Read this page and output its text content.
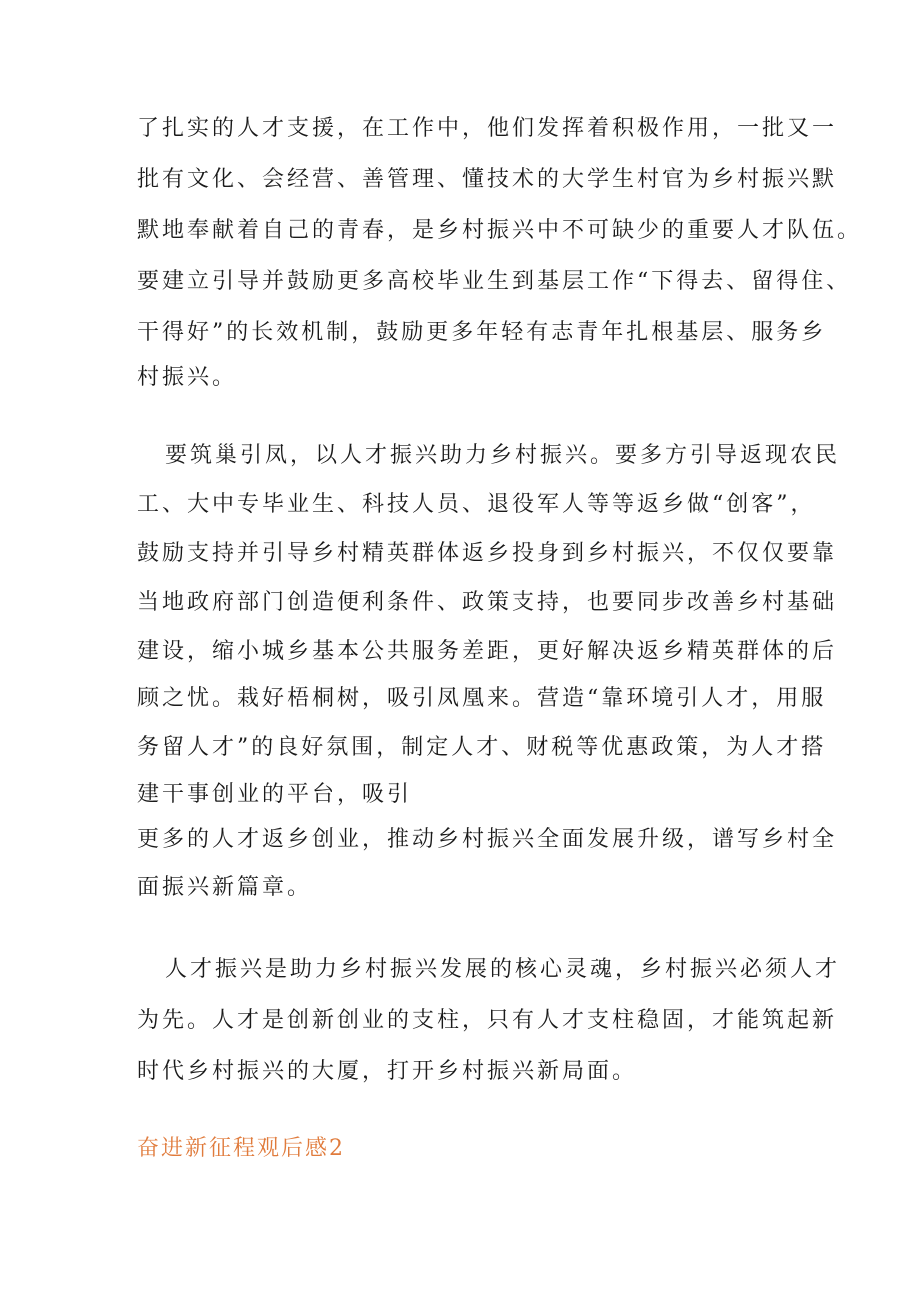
了扎实的人才支援，在工作中，他们发挥着积极作用，一批又一

批有文化、会经营、善管理、懂技术的大学生村官为乡村振兴默

默地奉献着自己的青春，是乡村振兴中不可缺少的重要人才队伍。

要建立引导并鼓励更多高校毕业生到基层工作“下得去、留得住、

干得好”的长效机制，鼓励更多年轻有志青年扎根基层、服务乡

村振兴。

要筑巢引凤，以人才振兴助力乡村振兴。要多方引导返现农民

工、大中专毕业生、科技人员、退役军人等等返乡做“创客”，

鼓励支持并引导乡村精英群体返乡投身到乡村振兴，不仅仅要靠

当地政府部门创造便利条件、政策支持，也要同步改善乡村基础

建设，缩小城乡基本公共服务差距，更好解决返乡精英群体的后

顾之忧。栽好梧桐树，吸引凤凰来。营造“靠环境引人才，用服

务留人才”的良好氛围，制定人才、财税等优惠政策，为人才搭

建干事创业的平台，吸引

更多的人才返乡创业，推动乡村振兴全面发展升级，谱写乡村全

面振兴新篇章。

人才振兴是助力乡村振兴发展的核心灵魂，乡村振兴必须人才

为先。人才是创新创业的支柱，只有人才支柱稳固，才能筑起新

时代乡村振兴的大厦，打开乡村振兴新局面。

奋进新征程观后感2
